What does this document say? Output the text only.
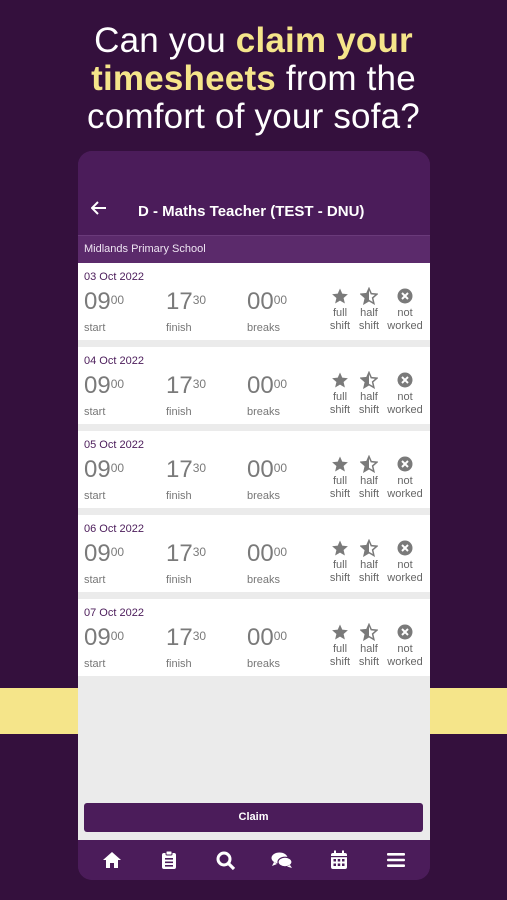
Can you claim your
timesheets from the
comfort of your sofa?
D - Maths Teacher (TEST - DNU)
Midlands Primary School
03 Oct 2022
$09^{00}$
start
$17^{30}$
finish
$00^{00}$
breaks
full
shift
half
shift
not
worked
04 Oct 2022
$09^{00}$
start
$17^{30}$
finish
$00^{00}$
breaks
full
shift
half
shift
not
worked
05 Oct 2022
$09^{00}$
start
$17^{30}$
finish
$00^{00}$
breaks
full
shift
half
shift
not
worked
06 Oct 2022
$09^{00}$
start
$17^{30}$
finish
$00^{00}$
breaks
full
shift
half
shift
not
worked
07 Oct 2022
$09^{00}$
start
$17^{30}$
finish
$00^{00}$
breaks
full
shift
half
shift
not
worked
Claim
